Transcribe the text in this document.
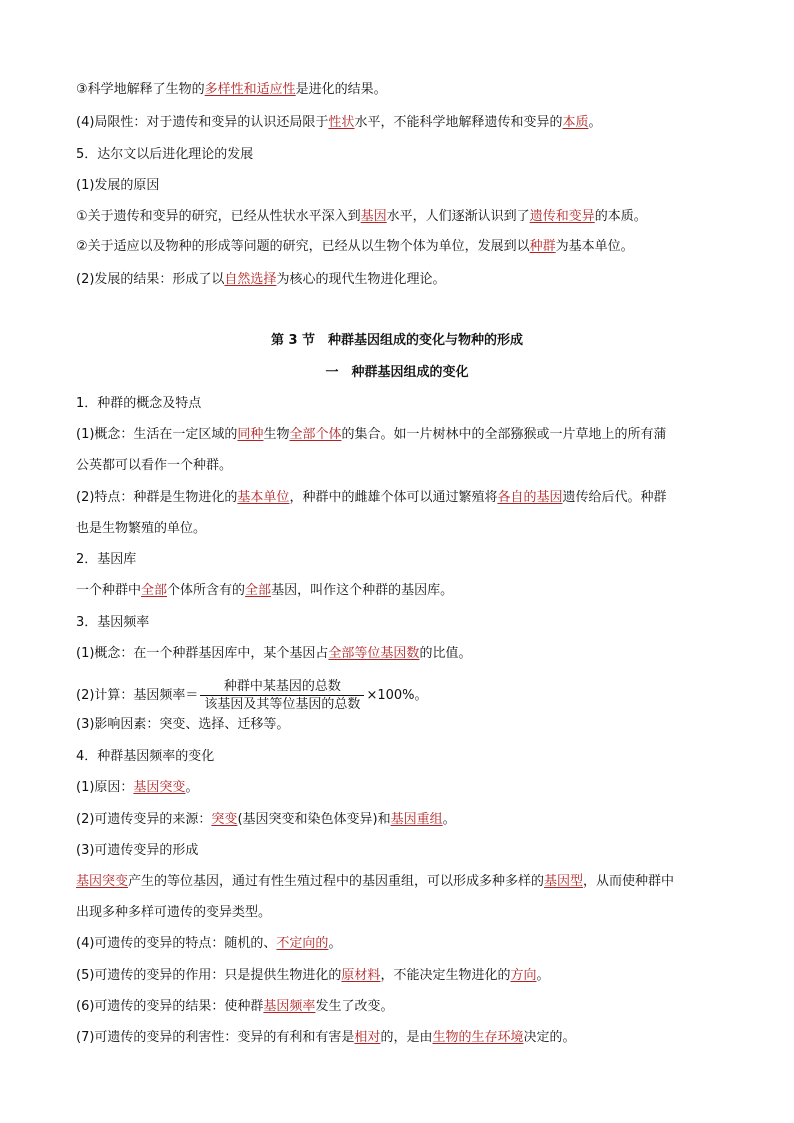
③科学地解释了生物的多样性和适应性是进化的结果。
(4)局限性：对于遗传和变异的认识还局限于性状水平，不能科学地解释遗传和变异的本质。
5．达尔文以后进化理论的发展
(1)发展的原因
①关于遗传和变异的研究，已经从性状水平深入到基因水平，人们逐渐认识到了遗传和变异的本质。
②关于适应以及物种的形成等问题的研究，已经从以生物个体为单位，发展到以种群为基本单位。
(2)发展的结果：形成了以自然选择为核心的现代生物进化理论。
第 3 节　种群基因组成的变化与物种的形成
一　种群基因组成的变化
1．种群的概念及特点
(1)概念：生活在一定区域的同种生物全部个体的集合。如一片树林中的全部猕猴或一片草地上的所有蒲
公英都可以看作一个种群。
(2)特点：种群是生物进化的基本单位，种群中的雌雄个体可以通过繁殖将各自的基因遗传给后代。种群
也是生物繁殖的单位。
2．基因库
一个种群中全部个体所含有的全部基因，叫作这个种群的基因库。
3．基因频率
(1)概念：在一个种群基因库中，某个基因占全部等位基因数的比值。
(2)计算：基因频率＝ $\frac{\text{种群中某基因的总数}}{\text{该基因及其等位基因的总数}} \times 100\%$。
(3)影响因素：突变、选择、迁移等。
4．种群基因频率的变化
(1)原因：基因突变。
(2)可遗传变异的来源：突变(基因突变和染色体变异)和基因重组。
(3)可遗传变异的形成
基因突变产生的等位基因，通过有性生殖过程中的基因重组，可以形成多种多样的基因型，从而使种群中
出现多种多样可遗传的变异类型。
(4)可遗传的变异的特点：随机的、不定向的。
(5)可遗传的变异的作用：只是提供生物进化的原材料，不能决定生物进化的方向。
(6)可遗传的变异的结果：使种群基因频率发生了改变。
(7)可遗传的变异的利害性：变异的有利和有害是相对的，是由生物的生存环境决定的。
